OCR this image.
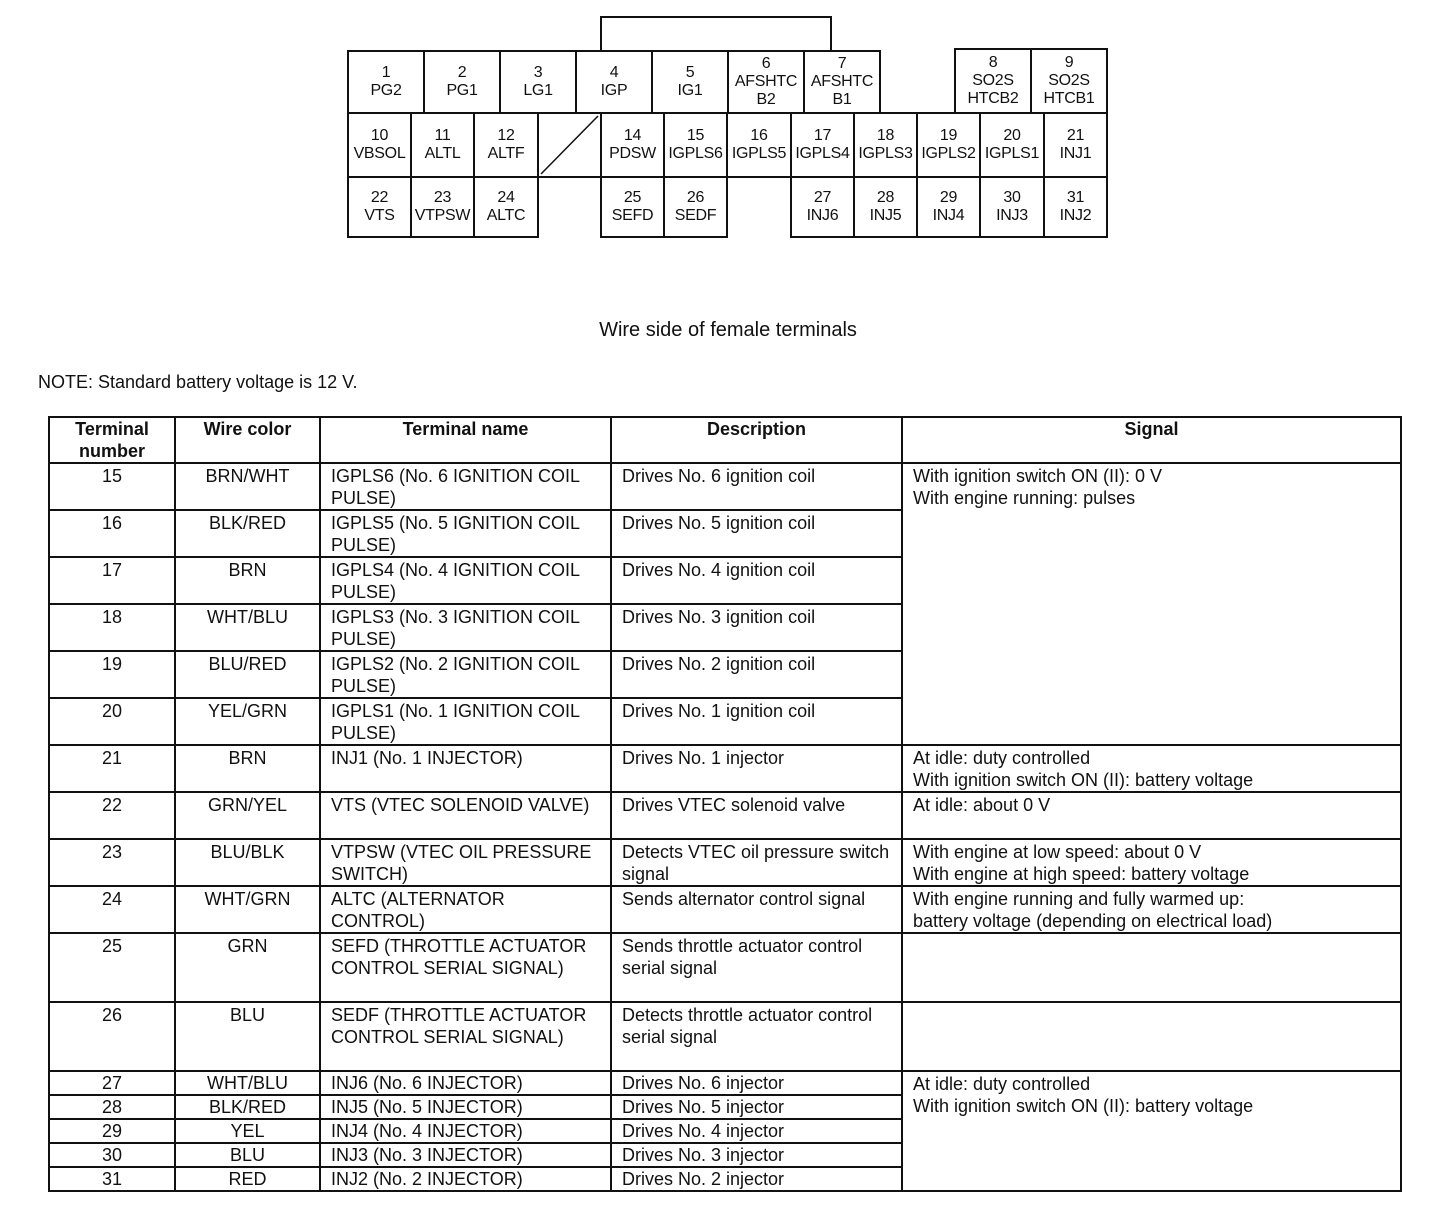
1
PG2
2
PG1
3
LG1
4
IGP
5
IG1
6
AFSHTC
B2
7
AFSHTC
B1
8
SO2S
HTCB2
9
SO2S
HTCB1
10
VBSOL
11
ALTL
12
ALTF
14
PDSW
15
IGPLS6
16
IGPLS5
17
IGPLS4
18
IGPLS3
19
IGPLS2
20
IGPLS1
21
INJ1
22
VTS
23
VTPSW
24
ALTC
25
SEFD
26
SEDF
27
INJ6
28
INJ5
29
INJ4
30
INJ3
31
INJ2
Wire side of female terminals
NOTE: Standard battery voltage is 12 V.
Terminal
number	Wire color	Terminal name	Description	Signal
15	BRN/WHT	IGPLS6 (No. 6 IGNITION COIL PULSE)	Drives No. 6 ignition coil	With ignition switch ON (II): 0 V
With engine running: pulses

16	BLK/RED	IGPLS5 (No. 5 IGNITION COIL PULSE)	Drives No. 5 ignition coil	
17	BRN	IGPLS4 (No. 4 IGNITION COIL PULSE)	Drives No. 4 ignition coil	
18	WHT/BLU	IGPLS3 (No. 3 IGNITION COIL PULSE)	Drives No. 3 ignition coil	
19	BLU/RED	IGPLS2 (No. 2 IGNITION COIL PULSE)	Drives No. 2 ignition coil	
20	YEL/GRN	IGPLS1 (No. 1 IGNITION COIL PULSE)	Drives No. 1 ignition coil	
21	BRN	INJ1 (No. 1 INJECTOR)	Drives No. 1 injector	At idle: duty controlled
With ignition switch ON (II): battery voltage

22	GRN/YEL	VTS (VTEC SOLENOID VALVE)	Drives VTEC solenoid valve	At idle: about 0 V

23	BLU/BLK	VTPSW (VTEC OIL PRESSURE SWITCH)	Detects VTEC oil pressure switch signal	With engine at low speed: about 0 V
With engine at high speed: battery voltage

24	WHT/GRN	ALTC (ALTERNATOR CONTROL)	Sends alternator control signal	With engine running and fully warmed up:
battery voltage (depending on electrical load)

25	GRN	SEFD (THROTTLE ACTUATOR CONTROL SERIAL SIGNAL)	Sends throttle actuator control serial signal	
26	BLU	SEDF (THROTTLE ACTUATOR CONTROL SERIAL SIGNAL)	Detects throttle actuator control serial signal	
27	WHT/BLU	INJ6 (No. 6 INJECTOR)	Drives No. 6 injector	At idle: duty controlled
With ignition switch ON (II): battery voltage

28	BLK/RED	INJ5 (No. 5 INJECTOR)	Drives No. 5 injector	
29	YEL	INJ4 (No. 4 INJECTOR)	Drives No. 4 injector	
30	BLU	INJ3 (No. 3 INJECTOR)	Drives No. 3 injector	
31	RED	INJ2 (No. 2 INJECTOR)	Drives No. 2 injector	
